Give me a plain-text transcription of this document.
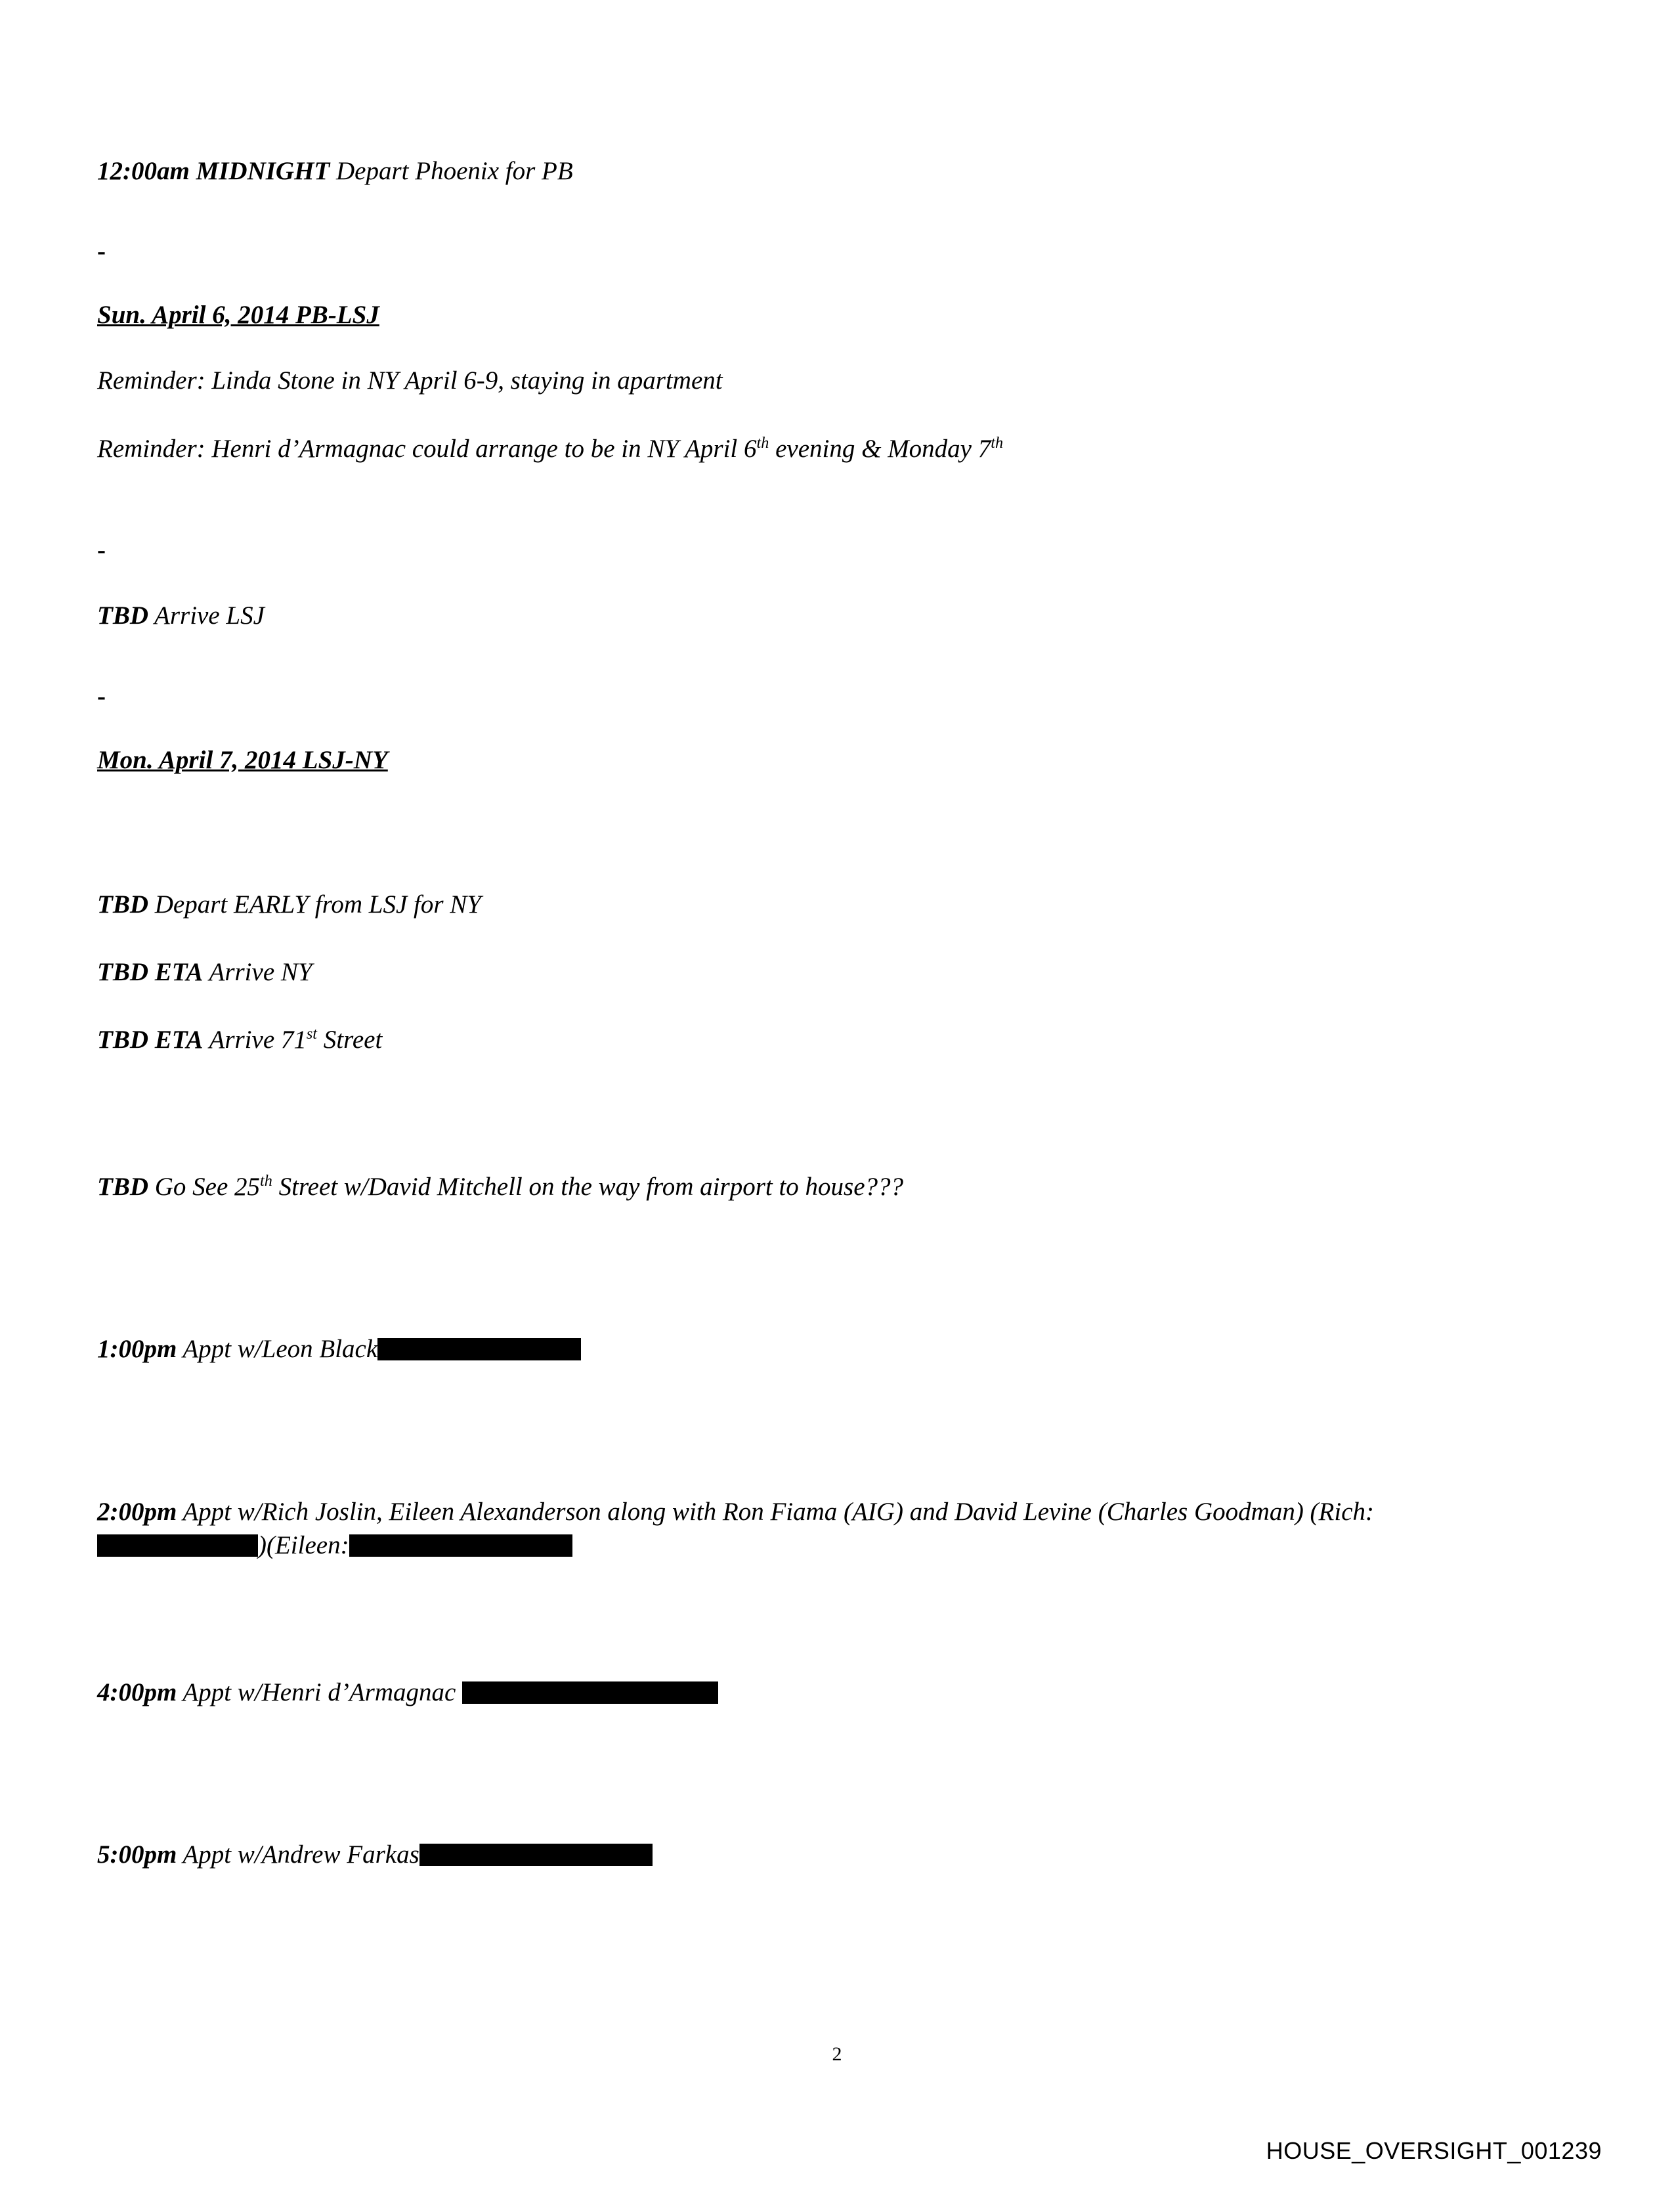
12:00am MIDNIGHT Depart Phoenix for PB
-
Sun. April 6, 2014 PB-LSJ
Reminder: Linda Stone in NY April 6-9, staying in apartment
Reminder: Henri d’Armagnac could arrange to be in NY April 6th evening & Monday 7th
-
TBD Arrive LSJ
-
Mon. April 7, 2014 LSJ-NY
TBD Depart EARLY from LSJ for NY
TBD ETA Arrive NY
TBD ETA Arrive 71st Street
TBD Go See 25th Street w/David Mitchell on the way from airport to house???
1:00pm Appt w/Leon Black
2:00pm Appt w/Rich Joslin, Eileen Alexanderson along with Ron Fiama (AIG) and David Levine (Charles Goodman) (Rich: )(Eileen:
4:00pm Appt w/Henri d’Armagnac
5:00pm Appt w/Andrew Farkas
2
HOUSE_OVERSIGHT_001239
